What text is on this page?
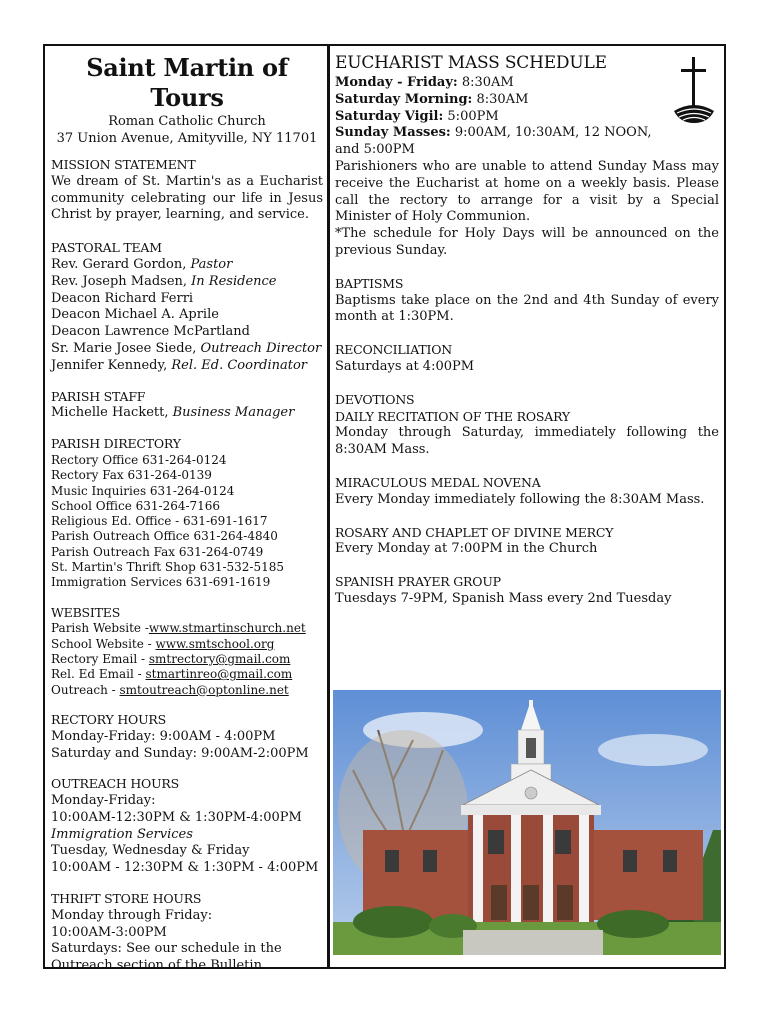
Saint Martin of Tours

Roman Catholic Church

37 Union Avenue, Amityville, NY 11701

MISSION STATEMENT

We dream of St. Martin's as a Eucharist community celebrating our life in Jesus Christ by prayer, learning, and service.

PASTORAL TEAM

Rev. Gerard Gordon, Pastor

Rev. Joseph Madsen, In Residence

Deacon Richard Ferri

Deacon Michael A. Aprile

Deacon Lawrence McPartland

Sr. Marie Josee Siede, Outreach Director

Jennifer Kennedy, Rel. Ed. Coordinator

PARISH STAFF

Michelle Hackett, Business Manager

PARISH DIRECTORY

Rectory Office 631-264-0124

Rectory Fax 631-264-0139

Music Inquiries 631-264-0124

School Office 631-264-7166

Religious Ed. Office - 631-691-1617

Parish Outreach Office 631-264-4840

Parish Outreach Fax 631-264-0749

St. Martin's Thrift Shop 631-532-5185

Immigration Services 631-691-1619

WEBSITES

Parish Website -www.stmartinschurch.net

School Website - www.smtschool.org

Rectory Email - smtrectory@gmail.com

Rel. Ed Email - stmartinreo@gmail.com

Outreach - smtoutreach@optonline.net

RECTORY HOURS

Monday-Friday: 9:00AM - 4:00PM

Saturday and Sunday: 9:00AM-2:00PM

OUTREACH HOURS

Monday-Friday:

10:00AM-12:30PM & 1:30PM-4:00PM

Immigration Services

Tuesday, Wednesday & Friday

10:00AM - 12:30PM & 1:30PM - 4:00PM

THRIFT STORE HOURS

Monday through Friday:

10:00AM-3:00PM

Saturdays: See our schedule in the

Outreach section of the Bulletin.

EUCHARIST MASS SCHEDULE

Monday - Friday: 8:30AM

Saturday Morning: 8:30AM

Saturday Vigil: 5:00PM

Sunday Masses: 9:00AM, 10:30AM, 12 NOON,

and 5:00PM

Parishioners who are unable to attend Sunday Mass may receive the Eucharist at home on a weekly basis. Please call the rectory to arrange for a visit by a Special Minister of Holy Communion.

*The schedule for Holy Days will be announced on the previous Sunday.

BAPTISMS

Baptisms take place on the 2nd and 4th Sunday of every month at 1:30PM.

RECONCILIATION

Saturdays at 4:00PM

DEVOTIONS

DAILY RECITATION OF THE ROSARY

Monday through Saturday, immediately following the 8:30AM Mass.

MIRACULOUS MEDAL NOVENA

Every Monday immediately following the 8:30AM Mass.

ROSARY AND CHAPLET OF DIVINE MERCY

Every Monday at 7:00PM in the Church

SPANISH PRAYER GROUP

Tuesdays 7-9PM, Spanish Mass every 2nd Tuesday
